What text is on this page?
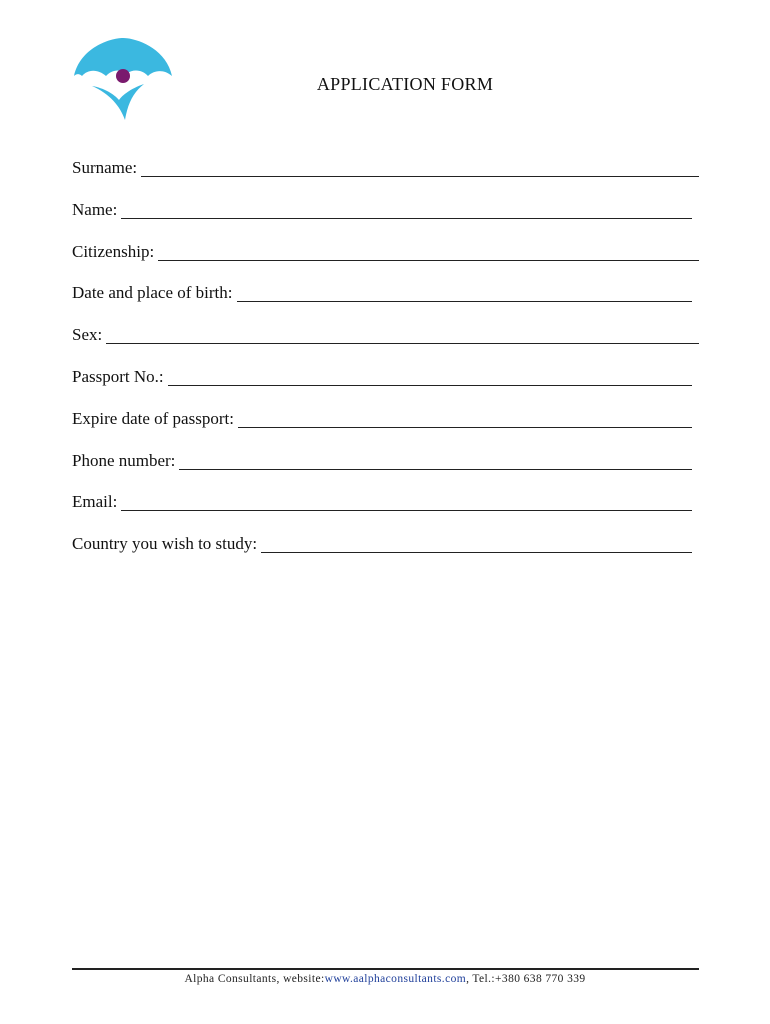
APPLICATION FORM
Surname:
Name:
Citizenship:
Date and place of birth:
Sex:
Passport No.:
Expire date of passport:
Phone number:
Email:
Country you wish to study:
Alpha Consultants, website:www.aalphaconsultants.com, Tel.:+380 638 770 339
